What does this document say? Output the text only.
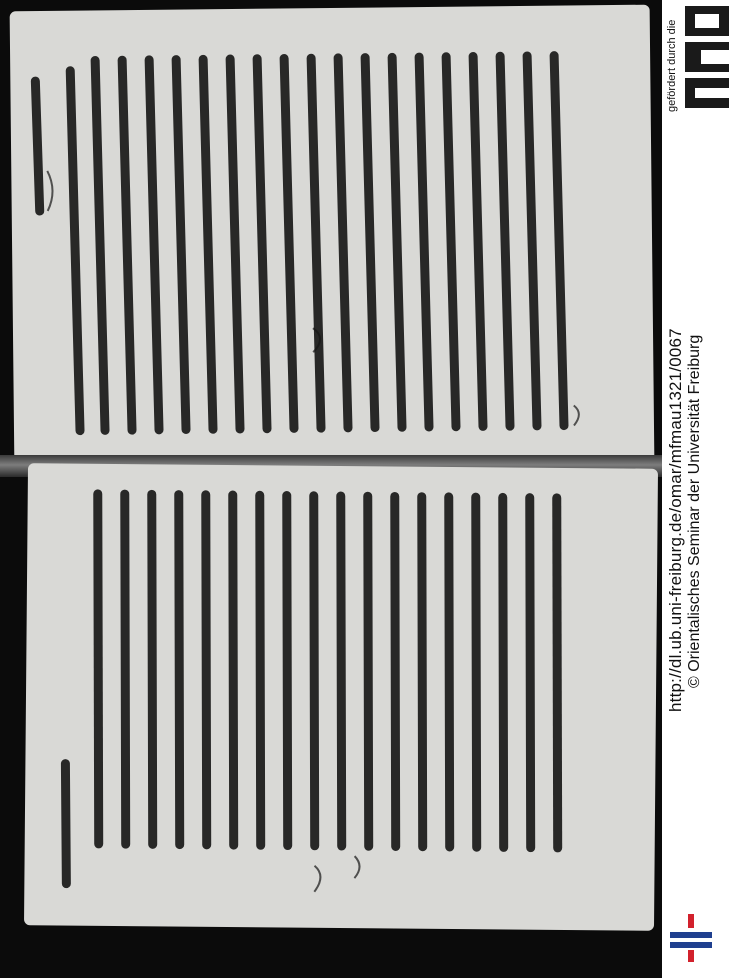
gefördert durch die
http://dl.ub.uni-freiburg.de/omar/mfmau1321/0067 © Orientalisches Seminar der Universität Freiburg
